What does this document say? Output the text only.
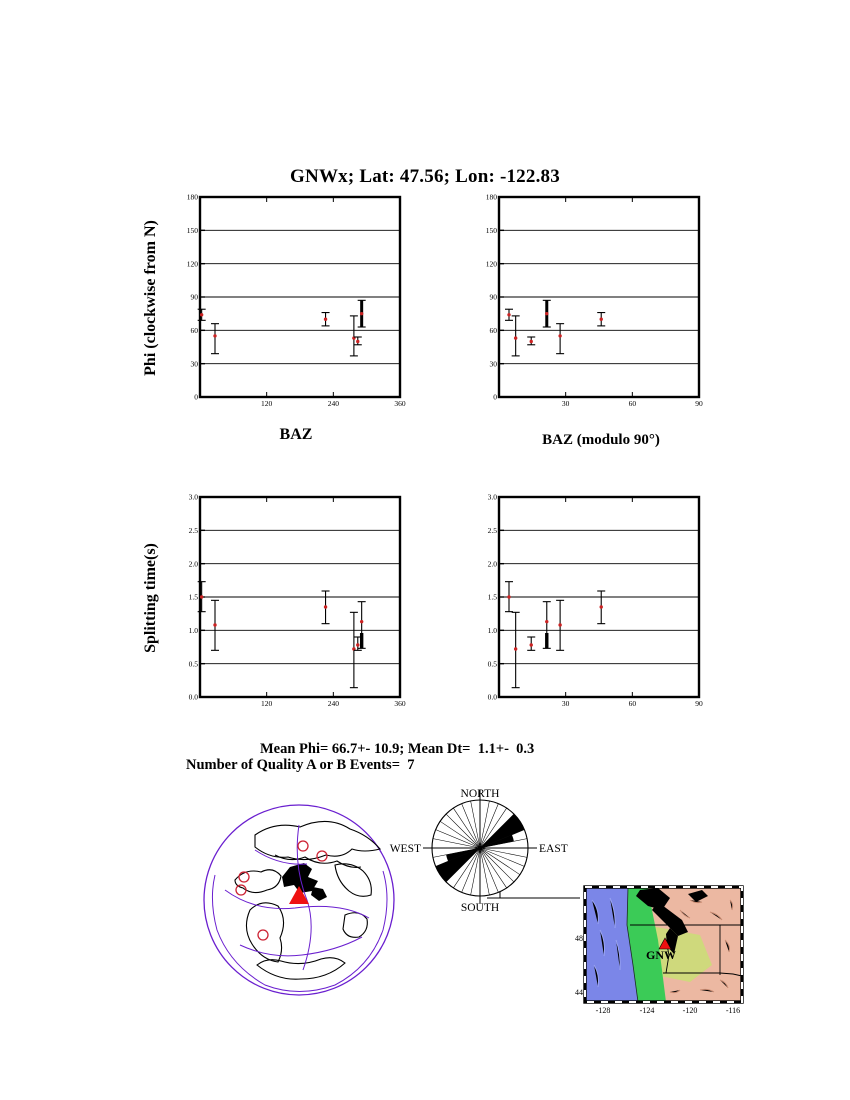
GNWx; Lat: 47.56; Lon: -122.83
Phi (clockwise from N)
Splitting time(s)
BAZ	BAZ (modulo 90°)
0
30
60
90
120
150
180
120	240	360
0
30
60
90
120
150
180
30	60	90
0.0
0.5
1.0
1.5
2.0
2.5
3.0
120	240	360
0.0
0.5
1.0
1.5
2.0
2.5
3.0
30	60	90
Mean Phi= 66.7+- 10.9; Mean Dt=  1.1+-  0.3
Number of Quality A or B Events=  7
NORTH
SOUTH
WEST	EAST
GNW
48
44
-128	-124	-120	-116
